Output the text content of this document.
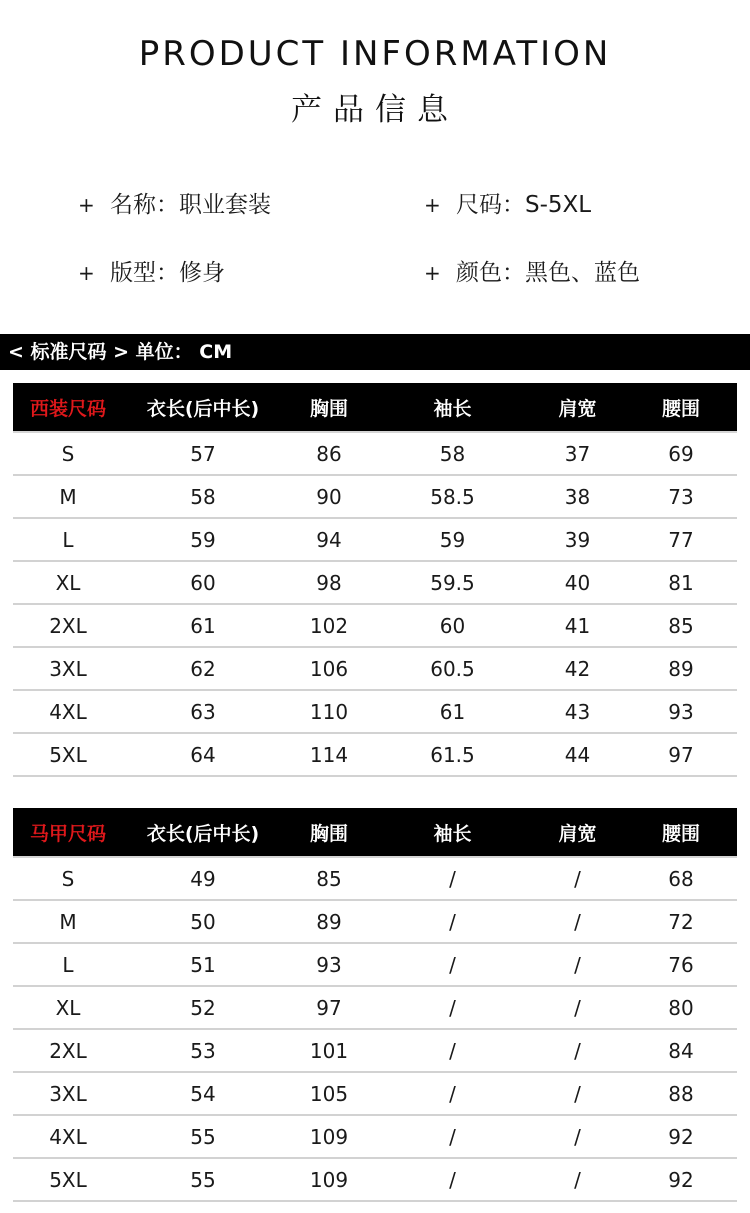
PRODUCT INFORMATION
产品信息
+ 名称：职业套装	+ 尺码：S-5XL
+ 版型：修身	+ 颜色：黑色、蓝色
< 标准尺码 > 单位： CM
西装尺码	衣长(后中长)	胸围	袖长	肩宽	腰围
S	57	86	58	37	69
M	58	90	58.5	38	73
L	59	94	59	39	77
XL	60	98	59.5	40	81
2XL	61	102	60	41	85
3XL	62	106	60.5	42	89
4XL	63	110	61	43	93
5XL	64	114	61.5	44	97
马甲尺码	衣长(后中长)	胸围	袖长	肩宽	腰围
S	49	85	/	/	68
M	50	89	/	/	72
L	51	93	/	/	76
XL	52	97	/	/	80
2XL	53	101	/	/	84
3XL	54	105	/	/	88
4XL	55	109	/	/	92
5XL	55	109	/	/	92
